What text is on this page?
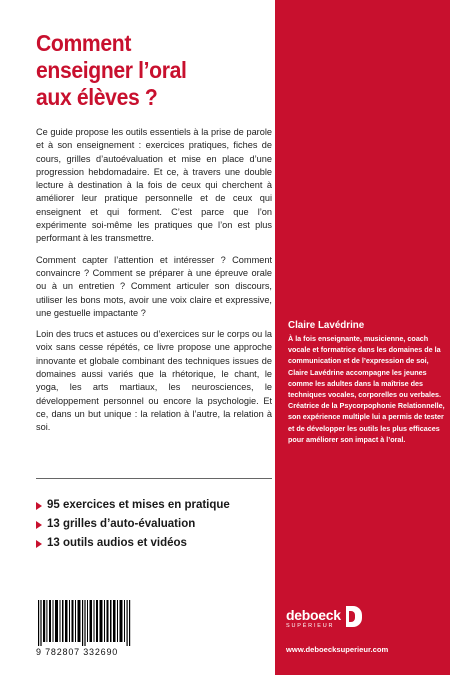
Comment
enseigner l’oral
aux élèves ?

Ce guide propose les outils essentiels à la prise de parole et à son enseignement : exercices pratiques, fiches de cours, grilles d’autoévaluation et mise en place d’une progression hebdomadaire. Et ce, à travers une double lecture à destination à la fois de ceux qui cherchent à améliorer leur pratique personnelle et de ceux qui enseignent et qui forment. C’est parce que l’on expérimente soi-même les pratiques que l’on est plus performant à les transmettre.

Comment capter l’attention et intéresser ? Comment convaincre ? Comment se préparer à une épreuve orale ou à un entretien ? Comment articuler son discours, utiliser les bons mots, avoir une voix claire et expressive, une gestuelle impactante ?

Loin des trucs et astuces ou d’exercices sur le corps ou la voix sans cesse répétés, ce livre propose une approche innovante et globale combinant des techniques issues de domaines aussi variés que la rhétorique, le chant, le yoga, les arts martiaux, les neurosciences, le développement personnel ou encore la psychologie. Et ce, dans un but unique : la relation à l’autre, la relation à soi.

95 exercices et mises en pratique
13 grilles d’auto-évaluation
13 outils audios et vidéos
9 782807 332690
Claire Lavédrine
À la fois enseignante, musicienne, coach vocale et formatrice dans les domaines de la communication et de l’expression de soi, Claire Lavédrine accompagne les jeunes comme les adultes dans la maîtrise des techniques vocales, corporelles ou verbales. Créatrice de la Psycorpophonie Relationnelle, son expérience multiple lui a permis de tester et de développer les outils les plus efficaces pour améliorer son impact à l’oral.
deboeck
SUPÉRIEUR
www.deboecksuperieur.com
